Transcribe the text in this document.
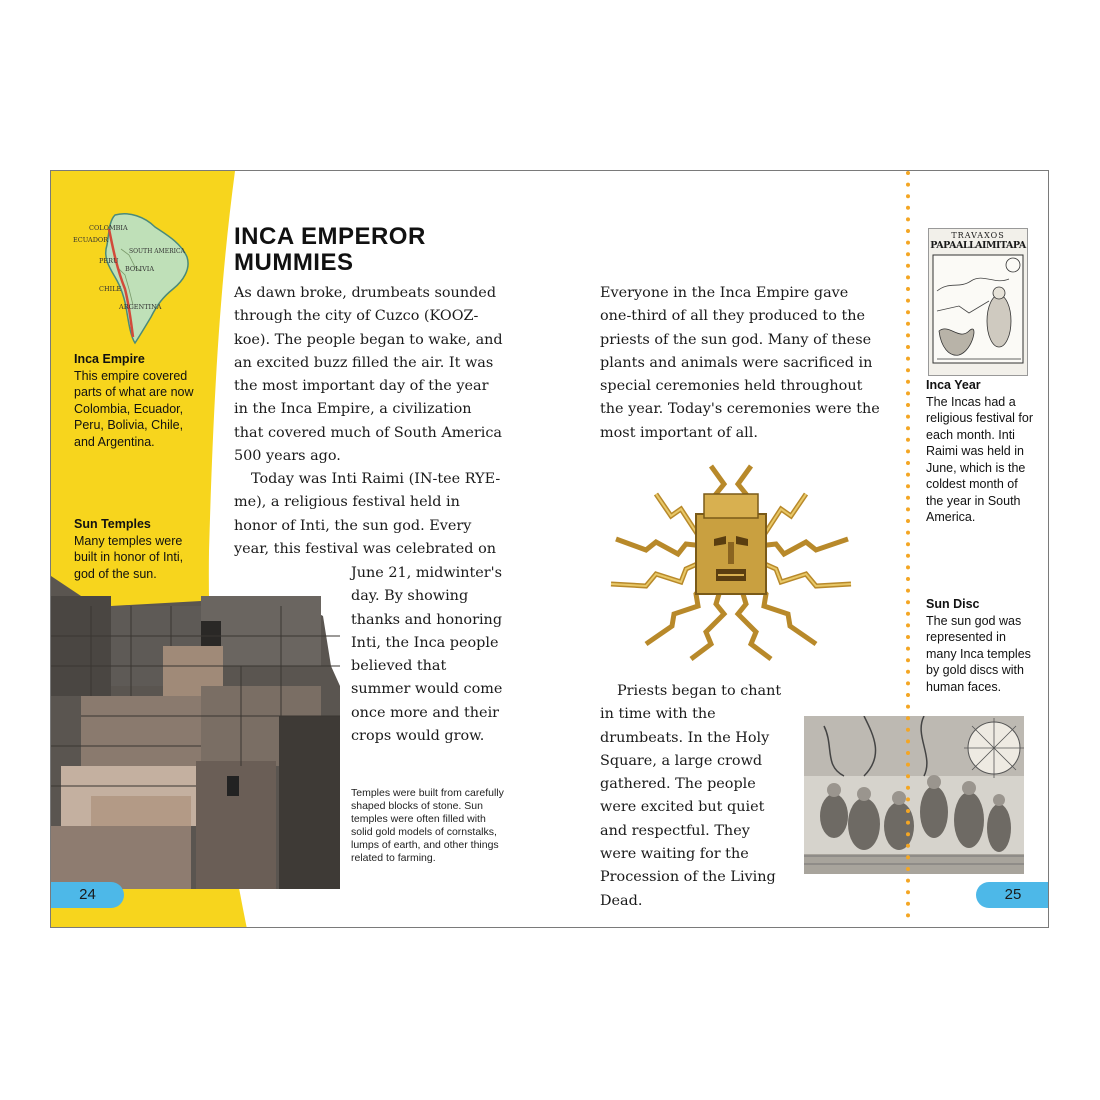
COLOMBIA
ECUADOR
PERU
SOUTH AMERICA
BOLIVIA
CHILE
ARGENTINA
Inca Empire
This empire covered parts of what are now Colombia, Ecuador, Peru, Bolivia, Chile, and Argentina.
Sun Temples
Many temples were built in honor of Inti, god of the sun.
INCA EMPEROR
MUMMIES

As dawn broke, drumbeats sounded through the city of Cuzco (KOOZ-koe). The people began to wake, and an excited buzz filled the air. It was the most important day of the year in the Inca Empire, a civilization that covered much of South America 500 years ago.

Today was Inti Raimi (IN-tee RYE-me), a religious festival held in honor of Inti, the sun god. Every year, this festival was celebrated on

June 21, midwinter's day. By showing thanks and honoring Inti, the Inca people believed that summer would come once more and their crops would grow.

Temples were built from carefully shaped blocks of stone. Sun temples were often filled with solid gold models of cornstalks, lumps of earth, and other things related to farming.

24

Everyone in the Inca Empire gave one-third of all they produced to the priests of the sun god. Many of these plants and animals were sacrificed in special ceremonies held throughout the year. Today's ceremonies were the most important of all.

Priests began to chant in time with the drumbeats. In the Holy Square, a large crowd gathered. The people were excited but quiet and respectful. They were waiting for the Procession of the Living Dead.	25
TRAVAXOS
PAPAALLAIMITAPA
Inca Year
The Incas had a religious festival for each month. Inti Raimi was held in June, which is the coldest month of the year in South America.
Sun Disc
The sun god was represented in many Inca temples by gold discs with human faces.
